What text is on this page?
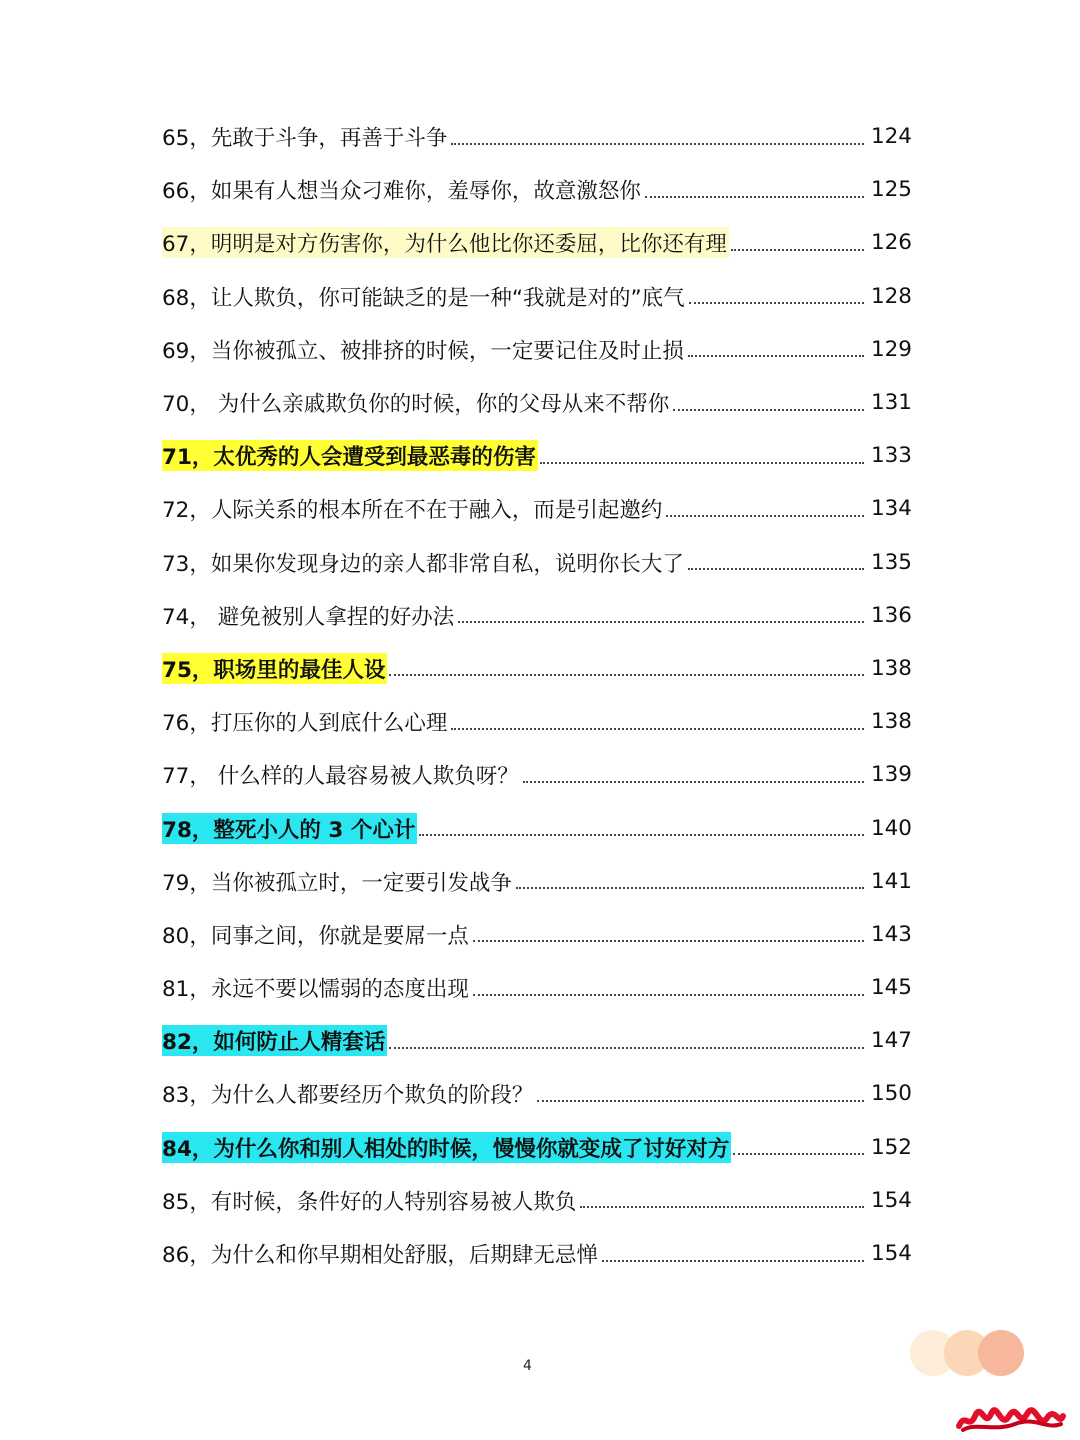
65，先敢于斗争，再善于斗争	124
66，如果有人想当众刁难你，羞辱你，故意激怒你	125
67，明明是对方伤害你，为什么他比你还委屈，比你还有理	126
68，让人欺负，你可能缺乏的是一种“我就是对的”底气	128
69，当你被孤立、被排挤的时候，一定要记住及时止损	129
70， 为什么亲戚欺负你的时候，你的父母从来不帮你	131
71，太优秀的人会遭受到最恶毒的伤害	133
72，人际关系的根本所在不在于融入，而是引起邀约	134
73，如果你发现身边的亲人都非常自私，说明你长大了	135
74， 避免被别人拿捏的好办法	136
75，职场里的最佳人设	138
76，打压你的人到底什么心理	138
77， 什么样的人最容易被人欺负呀？	139
78，整死小人的 3 个心计	140
79，当你被孤立时，一定要引发战争	141
80，同事之间，你就是要屌一点	143
81，永远不要以懦弱的态度出现	145
82，如何防止人精套话	147
83，为什么人都要经历个欺负的阶段？	150
84，为什么你和别人相处的时候，慢慢你就变成了讨好对方	152
85，有时候，条件好的人特别容易被人欺负	154
86，为什么和你早期相处舒服，后期肆无忌惮	154
4
